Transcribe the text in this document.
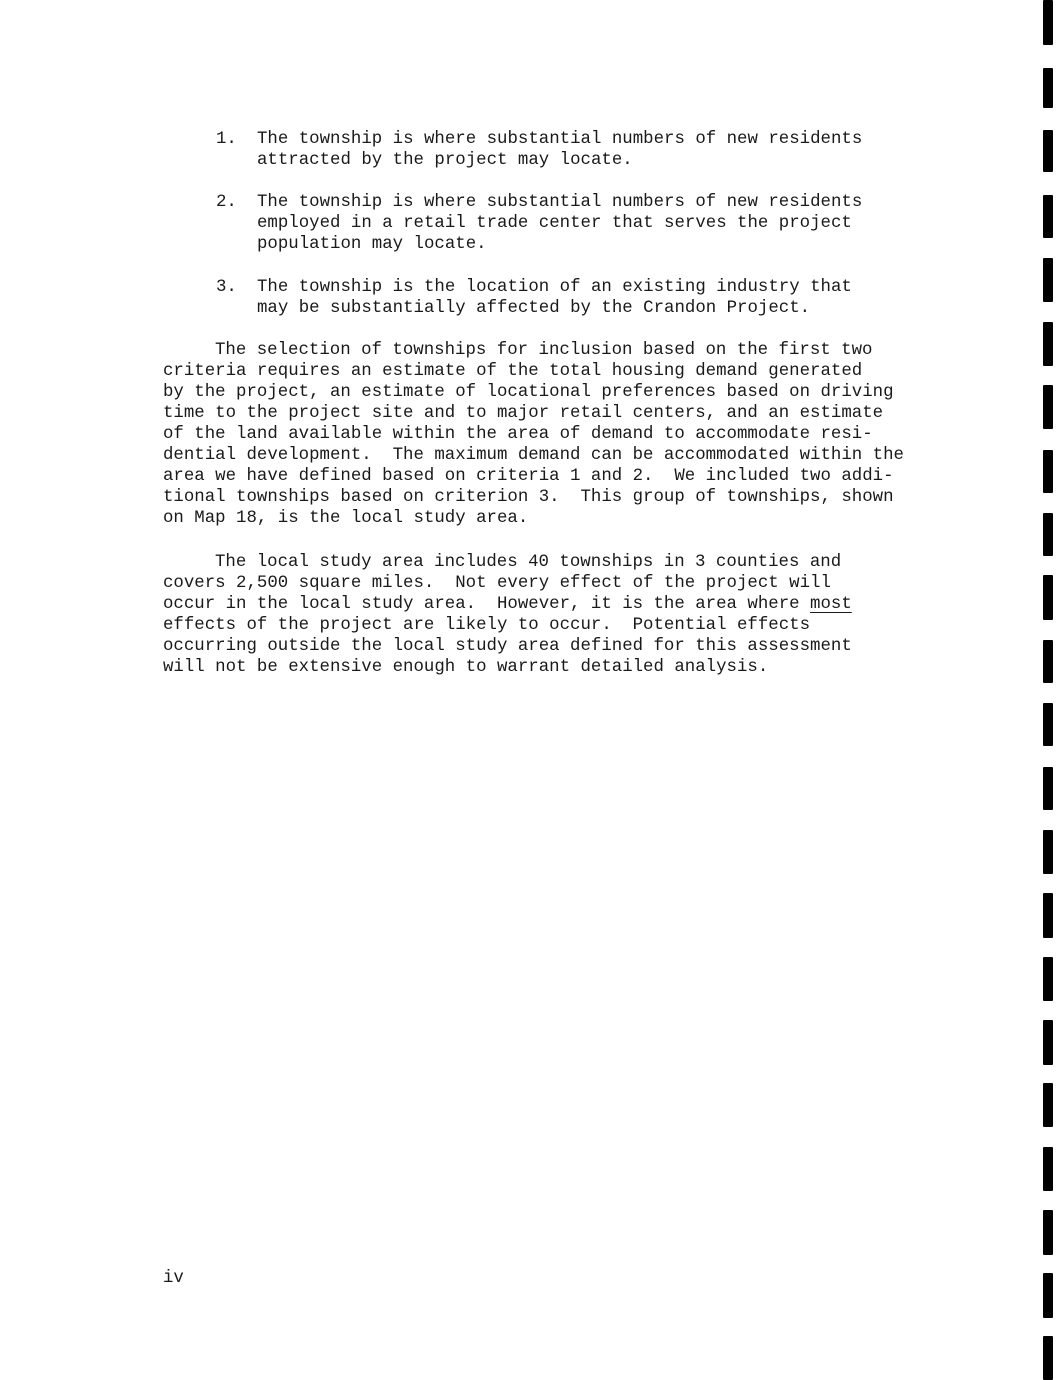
1. The township is where substantial numbers of new residents
attracted by the project may locate.
2. The township is where substantial numbers of new residents
employed in a retail trade center that serves the project
population may locate.
3. The township is the location of an existing industry that
may be substantially affected by the Crandon Project.
The selection of townships for inclusion based on the first two
criteria requires an estimate of the total housing demand generated
by the project, an estimate of locational preferences based on driving
time to the project site and to major retail centers, and an estimate
of the land available within the area of demand to accommodate resi-
dential development.  The maximum demand can be accommodated within the
area we have defined based on criteria 1 and 2.  We included two addi-
tional townships based on criterion 3.  This group of townships, shown
on Map 18, is the local study area.
The local study area includes 40 townships in 3 counties and
covers 2,500 square miles.  Not every effect of the project will
occur in the local study area.  However, it is the area where most
effects of the project are likely to occur.  Potential effects
occurring outside the local study area defined for this assessment
will not be extensive enough to warrant detailed analysis.
iv
